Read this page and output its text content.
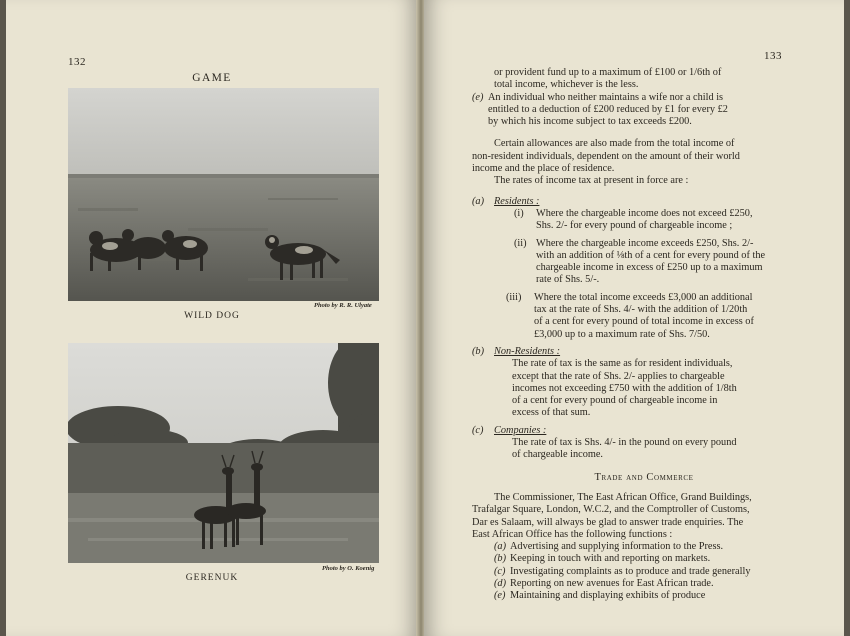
132
GAME
Photo by R. R. Ulyate
WILD DOG
Photo by O. Koenig
GERENUK
133

or provident fund up to a maximum of £100 or 1/6th of

total income, whichever is the less.

(e) An individual who neither maintains a wife nor a child is

entitled to a deduction of £200 reduced by £1 for every £2

by which his income subject to tax exceeds £200.

Certain allowances are also made from the total income of

non-resident individuals, dependent on the amount of their world

income and the place of residence.

The rates of income tax at present in force are :

(a) Residents :
(i) Where the chargeable income does not exceed £250,

Shs. 2/- for every pound of chargeable income ;

(ii) Where the chargeable income exceeds £250, Shs. 2/-

with an addition of ⅛th of a cent for every pound of the

chargeable income in excess of £250 up to a maximum

rate of Shs. 5/-.

(iii) Where the total income exceeds £3,000 an additional

tax at the rate of Shs. 4/- with the addition of 1/20th

of a cent for every pound of total income in excess of

£3,000 up to a maximum rate of Shs. 7/50.

(b) Non-Residents :

The rate of tax is the same as for resident individuals,

except that the rate of Shs. 2/- applies to chargeable

incomes not exceeding £750 with the addition of 1/8th

of a cent for every pound of chargeable income in

excess of that sum.

(c) Companies :

The rate of tax is Shs. 4/- in the pound on every pound

of chargeable income.

Trade and Commerce

The Commissioner, The East African Office, Grand Buildings,

Trafalgar Square, London, W.C.2, and the Comptroller of Customs,

Dar es Salaam, will always be glad to answer trade enquiries. The

East African Office has the following functions :

(a) Advertising and supplying information to the Press.

(b) Keeping in touch with and reporting on markets.

(c) Investigating complaints as to produce and trade generally

(d) Reporting on new avenues for East African trade.

(e) Maintaining and displaying exhibits of produce
